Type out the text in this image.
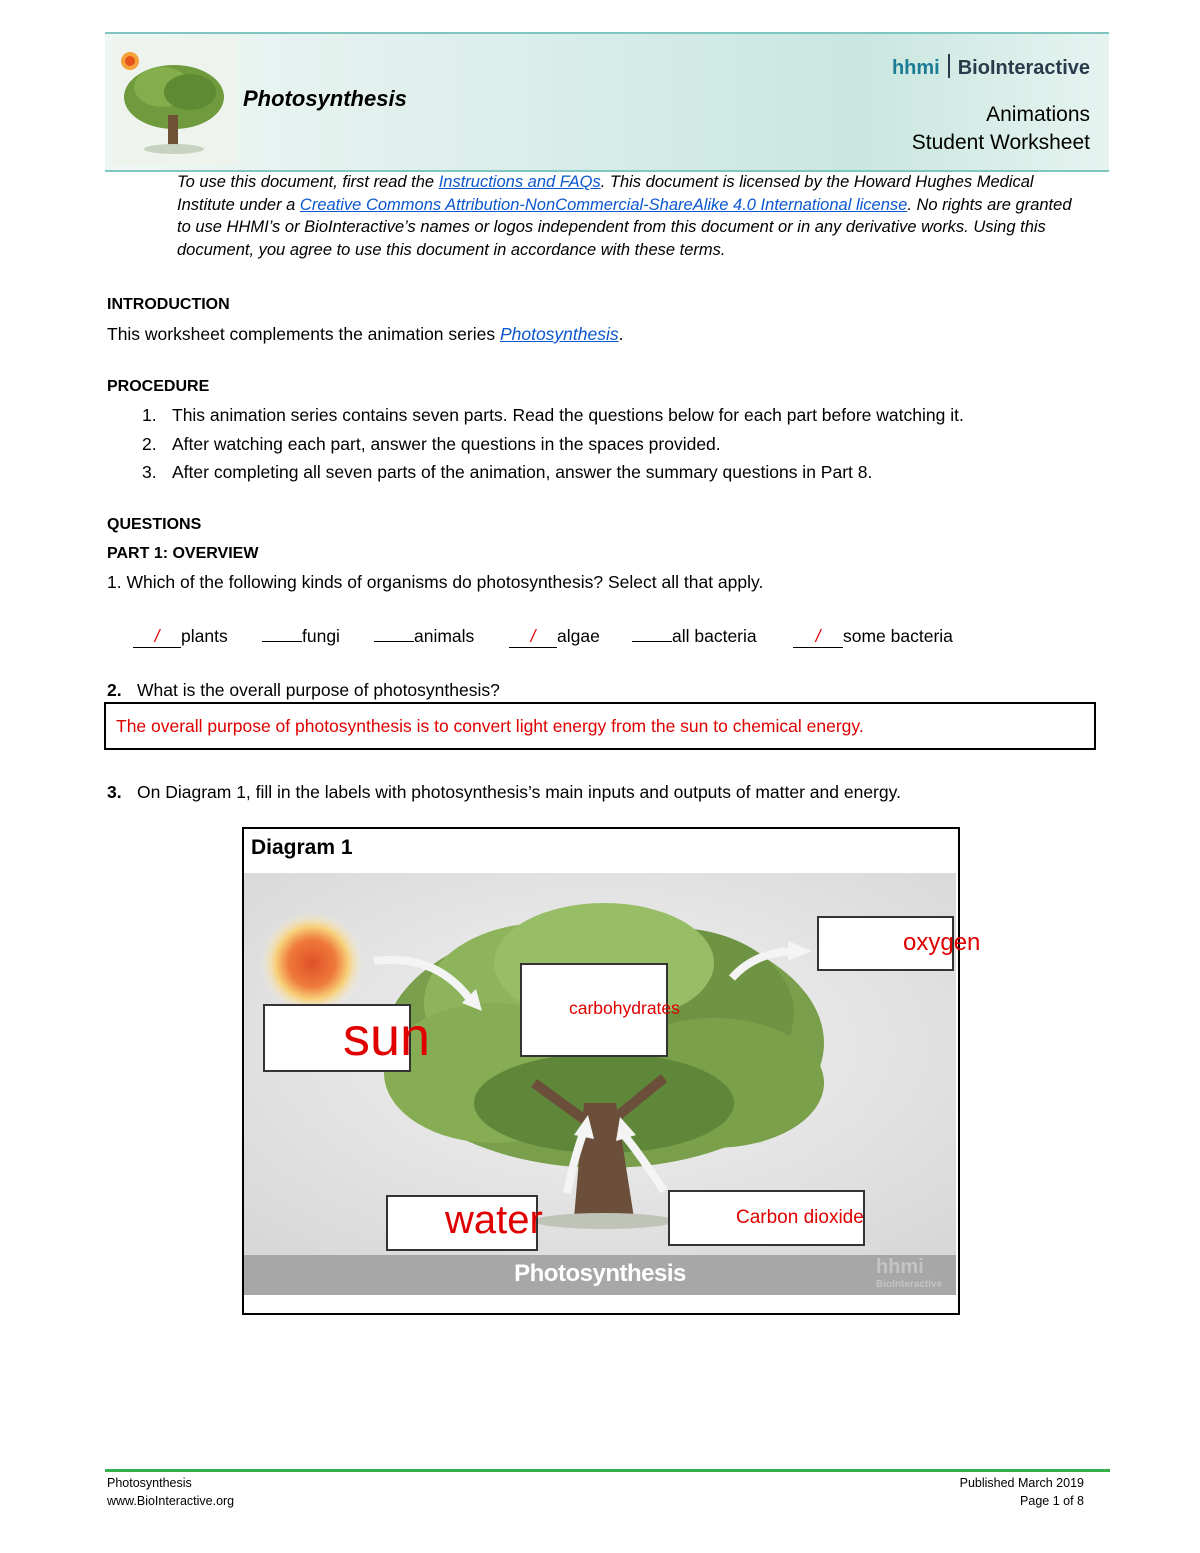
Photosynthesis
hhmi BioInteractive
Animations
Student Worksheet
To use this document, first read the Instructions and FAQs. This document is licensed by the Howard Hughes Medical Institute under a Creative Commons Attribution-NonCommercial-ShareAlike 4.0 International license. No rights are granted to use HHMI’s or BioInteractive’s names or logos independent from this document or in any derivative works. Using this document, you agree to use this document in accordance with these terms.
INTRODUCTION
This worksheet complements the animation series Photosynthesis.
PROCEDURE
1. This animation series contains seven parts. Read the questions below for each part before watching it.
2. After watching each part, answer the questions in the spaces provided.
3. After completing all seven parts of the animation, answer the summary questions in Part 8.
QUESTIONS
PART 1: OVERVIEW
1. Which of the following kinds of organisms do photosynthesis? Select all that apply.
/ plants	fungi	animals	/ algae	all bacteria	/ some bacteria
2. What is the overall purpose of photosynthesis?
The overall purpose of photosynthesis is to convert light energy from the sun to chemical energy.
3. On Diagram 1, fill in the labels with photosynthesis’s main inputs and outputs of matter and energy.
Diagram 1
Photosynthesis	hhmi
BioInteractive
sun	carbohydrates
oxygen
water	Carbon dioxide
Photosynthesis
www.BioInteractive.org
Published March 2019
Page 1 of 8
